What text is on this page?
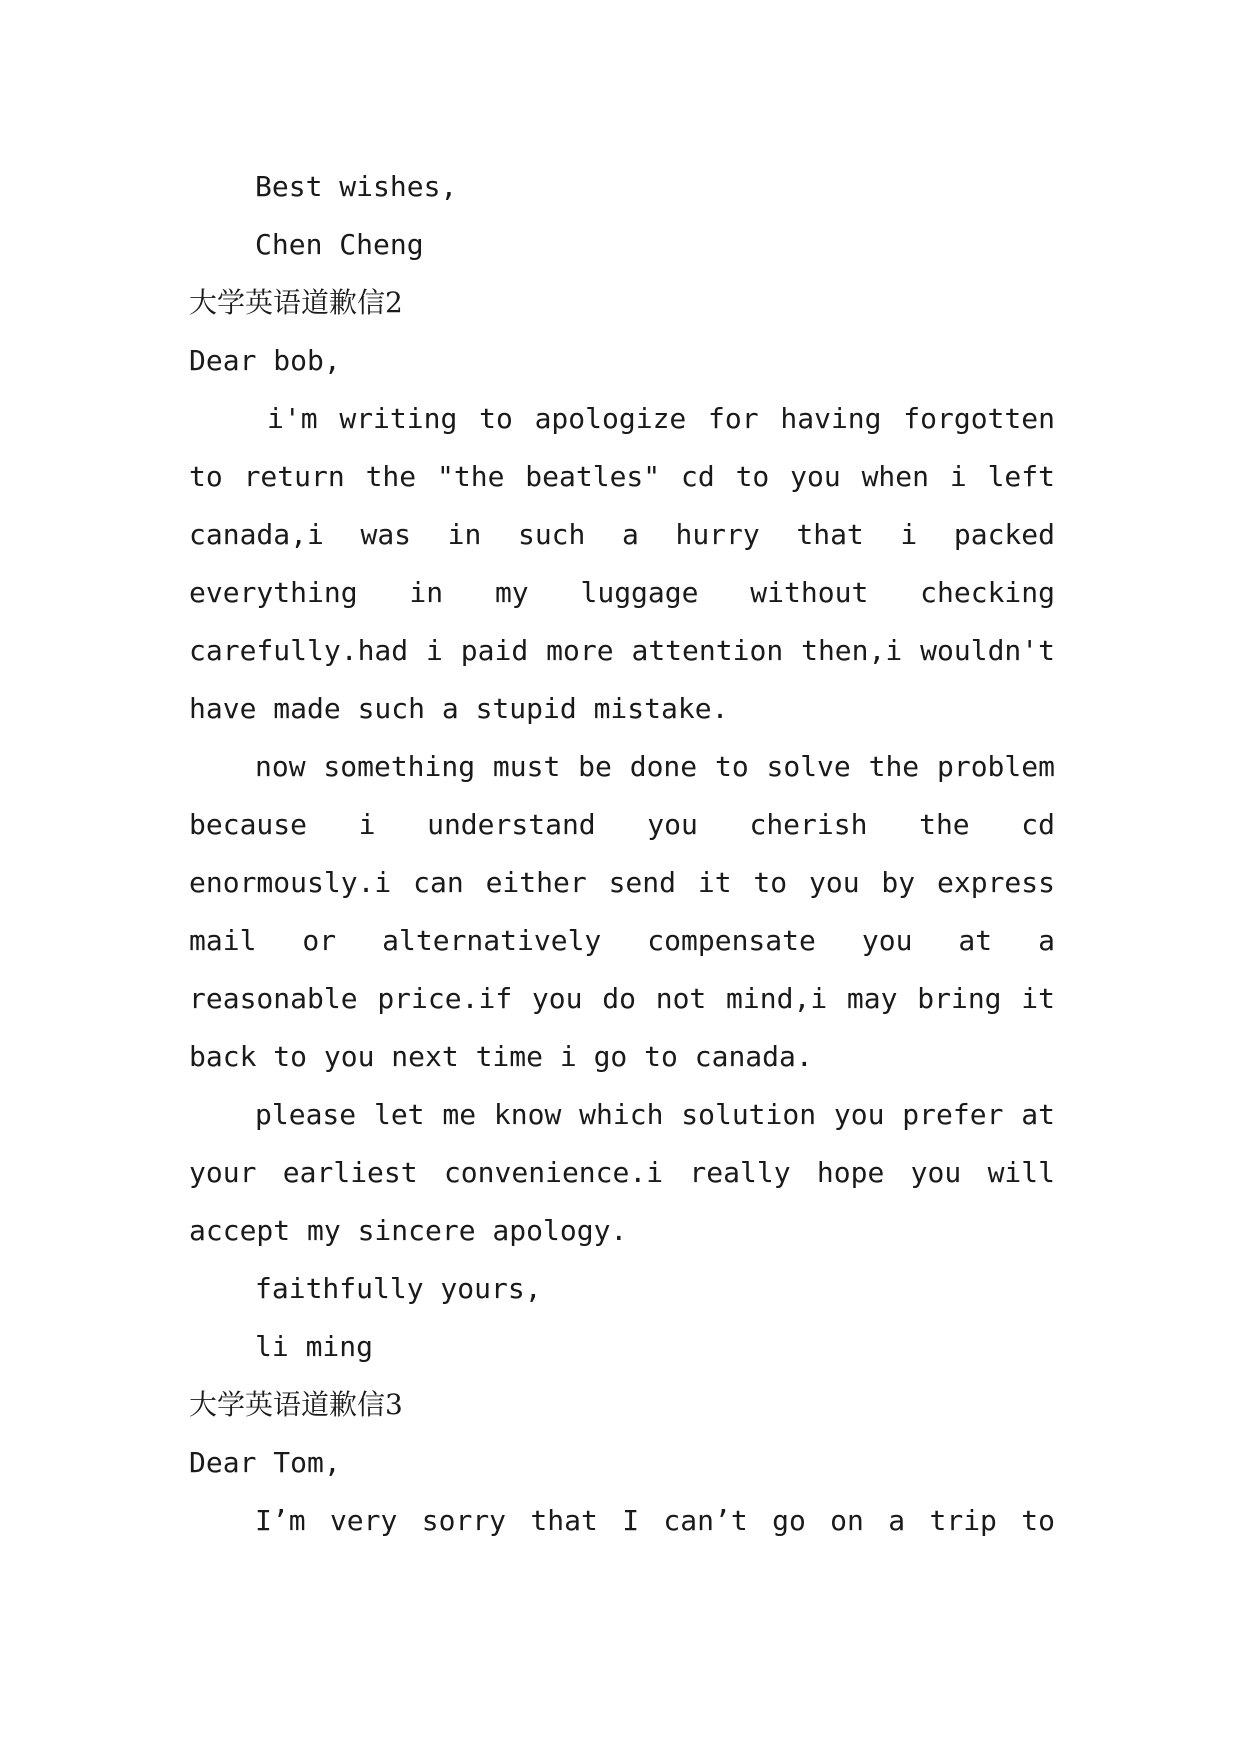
Best wishes,
Chen Cheng
大学英语道歉信2
Dear bob,
i'm writing to apologize for having forgotten
to return the "the beatles" cd to you when i left
canada,i was in such a hurry that i packed
everything in my luggage without checking
carefully.had i paid more attention then,i wouldn't
have made such a stupid mistake.
now something must be done to solve the problem
because i understand you cherish the cd
enormously.i can either send it to you by express
mail or alternatively compensate you at a
reasonable price.if you do not mind,i may bring it
back to you next time i go to canada.
please let me know which solution you prefer at
your earliest convenience.i really hope you will
accept my sincere apology.
faithfully yours,
li ming
大学英语道歉信3
Dear Tom,
I’m very sorry that I can’t go on a trip to
